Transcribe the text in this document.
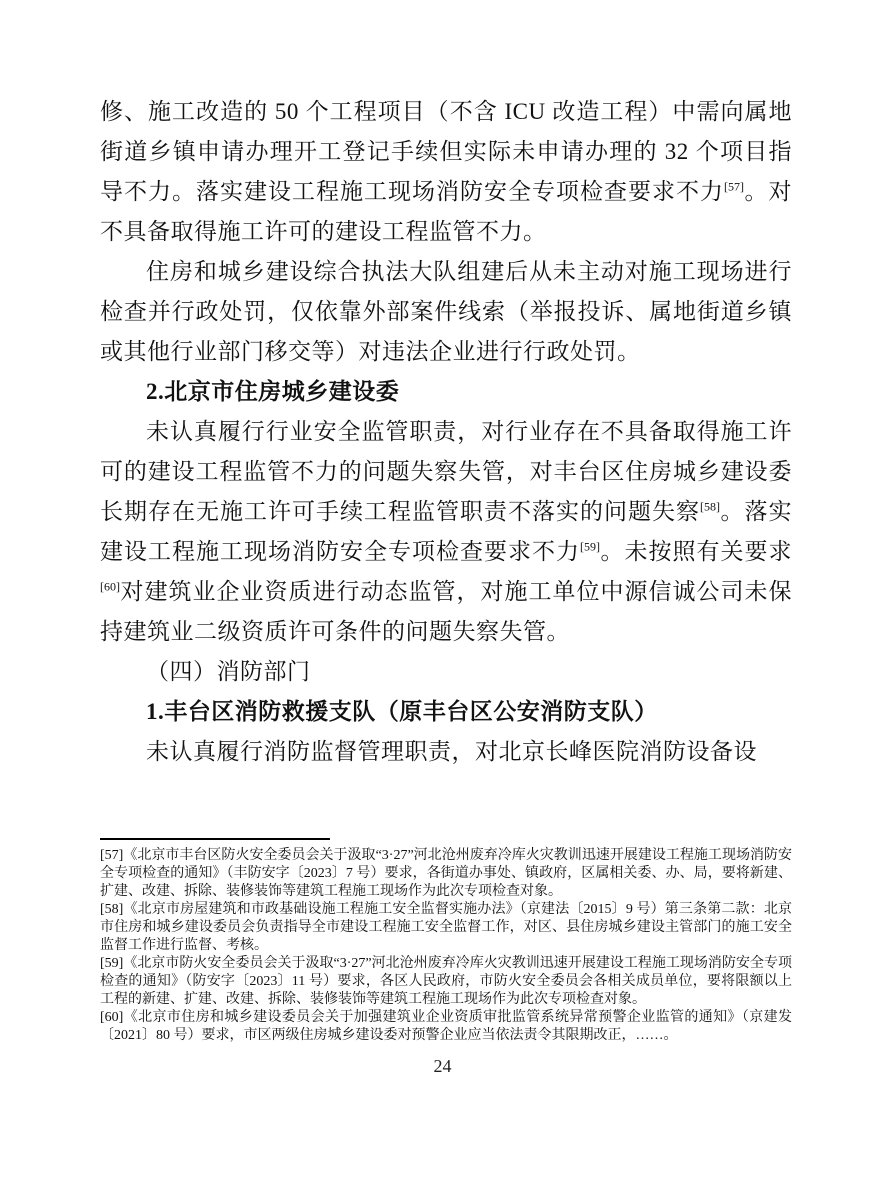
修、施工改造的 50 个工程项目（不含 ICU 改造工程）中需向属地街道乡镇申请办理开工登记手续但实际未申请办理的 32 个项目指导不力。落实建设工程施工现场消防安全专项检查要求不力[57]。对不具备取得施工许可的建设工程监管不力。

住房和城乡建设综合执法大队组建后从未主动对施工现场进行检查并行政处罚，仅依靠外部案件线索（举报投诉、属地街道乡镇或其他行业部门移交等）对违法企业进行行政处罚。

2.北京市住房城乡建设委

未认真履行行业安全监管职责，对行业存在不具备取得施工许可的建设工程监管不力的问题失察失管，对丰台区住房城乡建设委长期存在无施工许可手续工程监管职责不落实的问题失察[58]。落实建设工程施工现场消防安全专项检查要求不力[59]。未按照有关要求[60]对建筑业企业资质进行动态监管，对施工单位中源信诚公司未保持建筑业二级资质许可条件的问题失察失管。

（四）消防部门

1.丰台区消防救援支队（原丰台区公安消防支队）

未认真履行消防监督管理职责，对北京长峰医院消防设备设

[57]《北京市丰台区防火安全委员会关于汲取“3·27”河北沧州废弃冷库火灾教训迅速开展建设工程施工现场消防安全专项检查的通知》（丰防安字〔2023〕7 号）要求，各街道办事处、镇政府，区属相关委、办、局，要将新建、扩建、改建、拆除、装修装饰等建筑工程施工现场作为此次专项检查对象。

[58]《北京市房屋建筑和市政基础设施工程施工安全监督实施办法》（京建法〔2015〕9 号）第三条第二款：北京市住房和城乡建设委员会负责指导全市建设工程施工安全监督工作，对区、县住房城乡建设主管部门的施工安全监督工作进行监督、考核。

[59]《北京市防火安全委员会关于汲取“3·27”河北沧州废弃冷库火灾教训迅速开展建设工程施工现场消防安全专项检查的通知》（防安字〔2023〕11 号）要求，各区人民政府，市防火安全委员会各相关成员单位，要将限额以上工程的新建、扩建、改建、拆除、装修装饰等建筑工程施工现场作为此次专项检查对象。

[60]《北京市住房和城乡建设委员会关于加强建筑业企业资质审批监管系统异常预警企业监管的通知》（京建发〔2021〕80 号）要求，市区两级住房城乡建设委对预警企业应当依法责令其限期改正，……。

24
